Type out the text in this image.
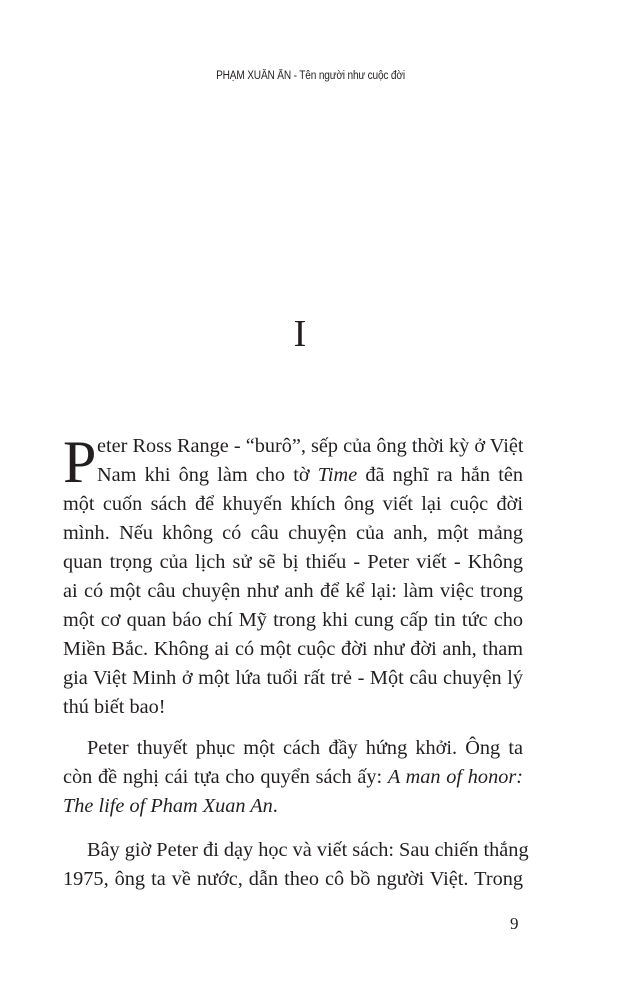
PHẠM XUÂN ẨN - Tên người như cuộc đời
I
P eter Ross Range - “burô”, sếp của ông thời kỳ ở Việt
Nam khi ông làm cho tờ Time đã nghĩ ra hắn tên
một cuốn sách để khuyến khích ông viết lại cuộc đời
mình. Nếu không có câu chuyện của anh, một mảng
quan trọng của lịch sử sẽ bị thiếu - Peter viết - Không
ai có một câu chuyện như anh để kể lại: làm việc trong
một cơ quan báo chí Mỹ trong khi cung cấp tin tức cho
Miền Bắc. Không ai có một cuộc đời như đời anh, tham
gia Việt Minh ở một lứa tuổi rất trẻ - Một câu chuyện lý
thú biết bao!
Peter thuyết phục một cách đầy hứng khởi. Ông ta
còn đề nghị cái tựa cho quyển sách ấy: A man of honor:
The life of Pham Xuan An.
Bây giờ Peter đi dạy học và viết sách: Sau chiến thắng
1975, ông ta về nước, dẫn theo cô bồ người Việt. Trong
9
